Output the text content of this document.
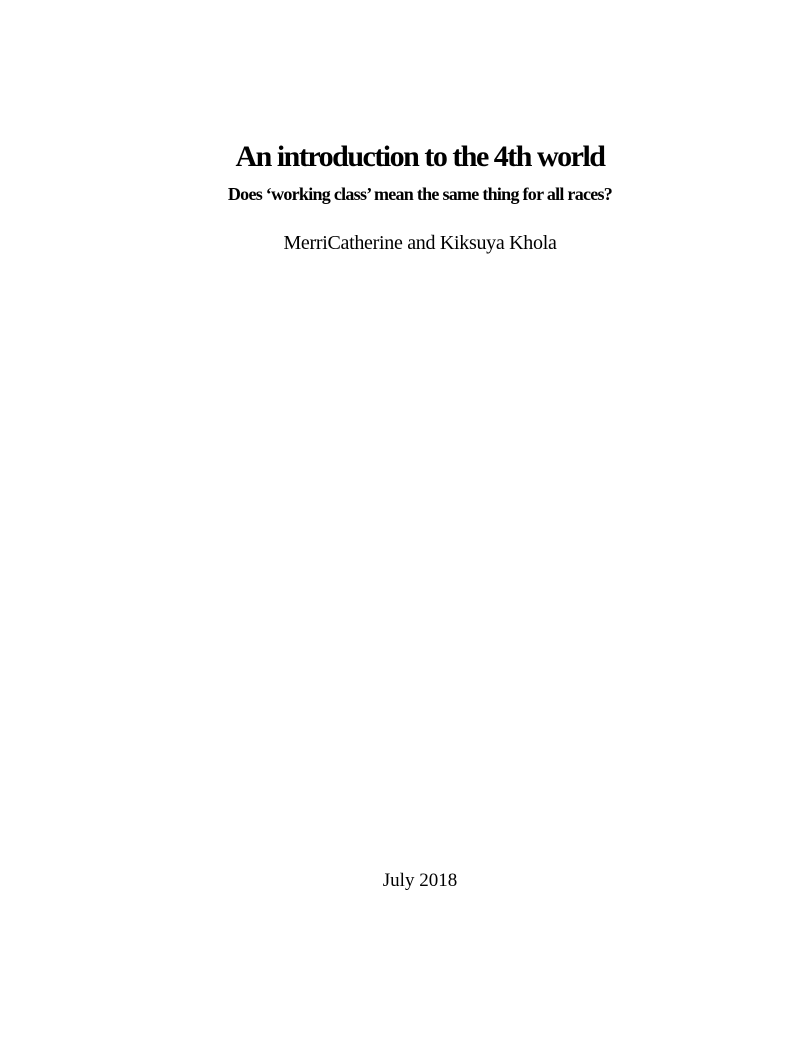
An introduction to the 4th world
Does ‘working class’ mean the same thing for all races?
MerriCatherine and Kiksuya Khola
July 2018
